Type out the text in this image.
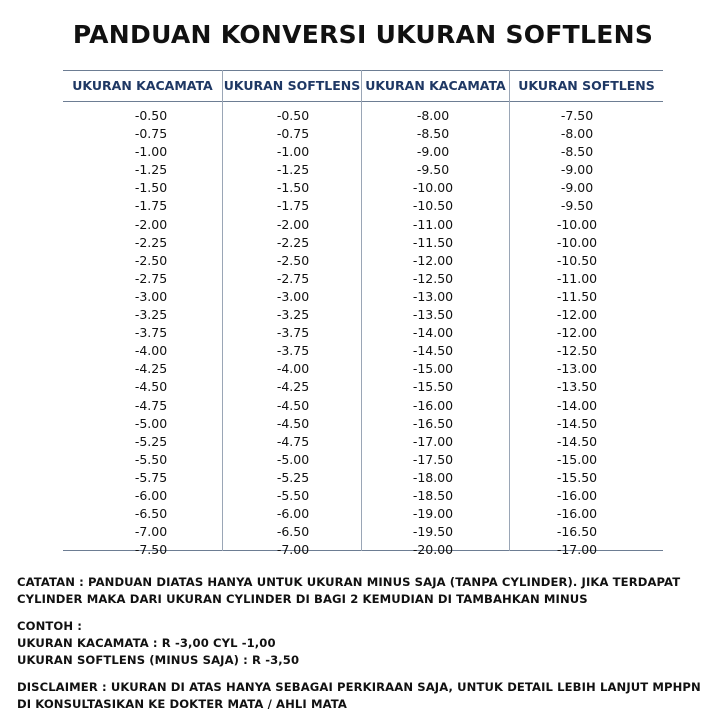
PANDUAN KONVERSI UKURAN SOFTLENS
UKURAN KACAMATA UKURAN SOFTLENS UKURAN KACAMATA UKURAN SOFTLENS
-0.50
-0.75
-1.00
-1.25
-1.50
-1.75
-2.00
-2.25
-2.50
-2.75
-3.00
-3.25
-3.75
-4.00
-4.25
-4.50
-4.75
-5.00
-5.25
-5.50
-5.75
-6.00
-6.50
-7.00
-7.50
-0.50
-0.75
-1.00
-1.25
-1.50
-1.75
-2.00
-2.25
-2.50
-2.75
-3.00
-3.25
-3.75
-3.75
-4.00
-4.25
-4.50
-4.50
-4.75
-5.00
-5.25
-5.50
-6.00
-6.50
-7.00
-8.00
-8.50
-9.00
-9.50
-10.00
-10.50
-11.00
-11.50
-12.00
-12.50
-13.00
-13.50
-14.00
-14.50
-15.00
-15.50
-16.00
-16.50
-17.00
-17.50
-18.00
-18.50
-19.00
-19.50
-20.00
-7.50
-8.00
-8.50
-9.00
-9.00
-9.50
-10.00
-10.00
-10.50
-11.00
-11.50
-12.00
-12.00
-12.50
-13.00
-13.50
-14.00
-14.50
-14.50
-15.00
-15.50
-16.00
-16.00
-16.50
-17.00

CATATAN : PANDUAN DIATAS HANYA UNTUK UKURAN MINUS SAJA (TANPA CYLINDER). JIKA TERDAPAT CYLINDER MAKA DARI UKURAN CYLINDER DI BAGI 2 KEMUDIAN DI TAMBAHKAN MINUS

CONTOH :

UKURAN KACAMATA : R -3,00 CYL -1,00

UKURAN SOFTLENS (MINUS SAJA) : R -3,50

DISCLAIMER : UKURAN DI ATAS HANYA SEBAGAI PERKIRAAN SAJA, UNTUK DETAIL LEBIH LANJUT MPHPN DI KONSULTASIKAN KE DOKTER MATA / AHLI MATA
